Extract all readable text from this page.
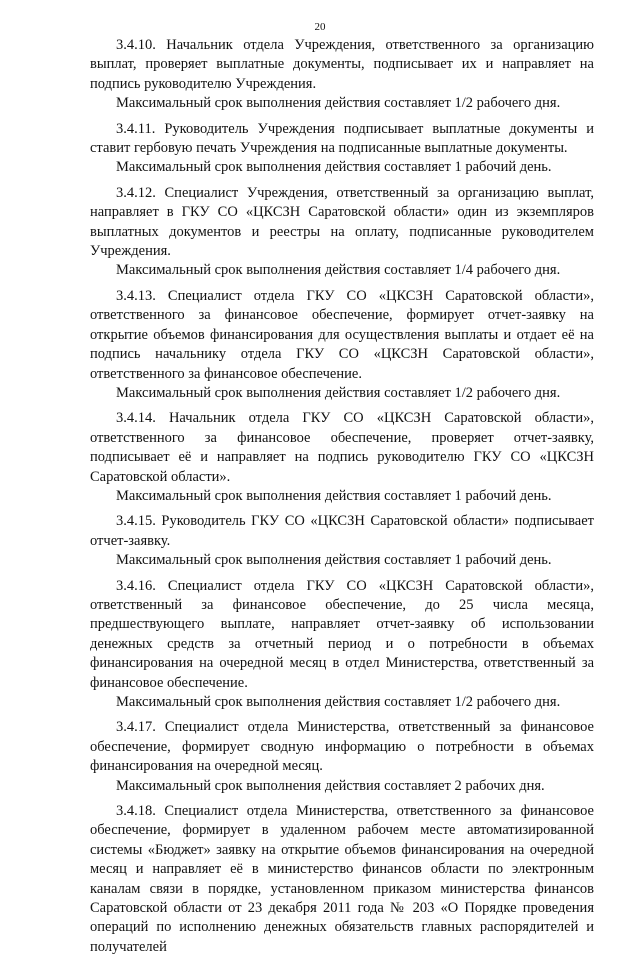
20

3.4.10. Начальник отдела Учреждения, ответственного за организацию выплат, проверяет выплатные документы, подписывает их и направляет на подпись руководителю Учреждения.

Максимальный срок выполнения действия составляет 1/2 рабочего дня.

3.4.11. Руководитель Учреждения подписывает выплатные документы и ставит гербовую печать Учреждения на подписанные выплатные документы.

Максимальный срок выполнения действия составляет 1 рабочий день.

3.4.12. Специалист Учреждения, ответственный за организацию выплат, направляет в ГКУ СО «ЦКСЗН Саратовской области» один из экземпляров выплатных документов и реестры на оплату, подписанные руководителем Учреждения.

Максимальный срок выполнения действия составляет 1/4 рабочего дня.

3.4.13. Специалист отдела ГКУ СО «ЦКСЗН Саратовской области», ответственного за финансовое обеспечение, формирует отчет-заявку на открытие объемов финансирования для осуществления выплаты и отдает её на подпись начальнику отдела ГКУ СО «ЦКСЗН Саратовской области», ответственного за финансовое обеспечение.

Максимальный срок выполнения действия составляет 1/2 рабочего дня.

3.4.14. Начальник отдела ГКУ СО «ЦКСЗН Саратовской области», ответственного за финансовое обеспечение, проверяет отчет-заявку, подписывает её и направляет на подпись руководителю ГКУ СО «ЦКСЗН Саратовской области».

Максимальный срок выполнения действия составляет 1 рабочий день.

3.4.15. Руководитель ГКУ СО «ЦКСЗН Саратовской области» подписывает отчет-заявку.

Максимальный срок выполнения действия составляет 1 рабочий день.

3.4.16. Специалист отдела ГКУ СО «ЦКСЗН Саратовской области», ответственный за финансовое обеспечение, до 25 числа месяца, предшествующего выплате, направляет отчет-заявку об использовании денежных средств за отчетный период и о потребности в объемах финансирования на очередной месяц в отдел Министерства, ответственный за финансовое обеспечение.

Максимальный срок выполнения действия составляет 1/2 рабочего дня.

3.4.17. Специалист отдела Министерства, ответственный за финансовое обеспечение, формирует сводную информацию о потребности в объемах финансирования на очередной месяц.

Максимальный срок выполнения действия составляет 2 рабочих дня.

3.4.18. Специалист отдела Министерства, ответственного за финансовое обеспечение, формирует в удаленном рабочем месте автоматизированной системы «Бюджет» заявку на открытие объемов финансирования на очередной месяц и направляет её в министерство финансов области по электронным каналам связи в порядке, установленном приказом министерства финансов Саратовской области от 23 декабря 2011 года № 203 «О Порядке проведения операций по исполнению денежных обязательств главных распорядителей и получателей
